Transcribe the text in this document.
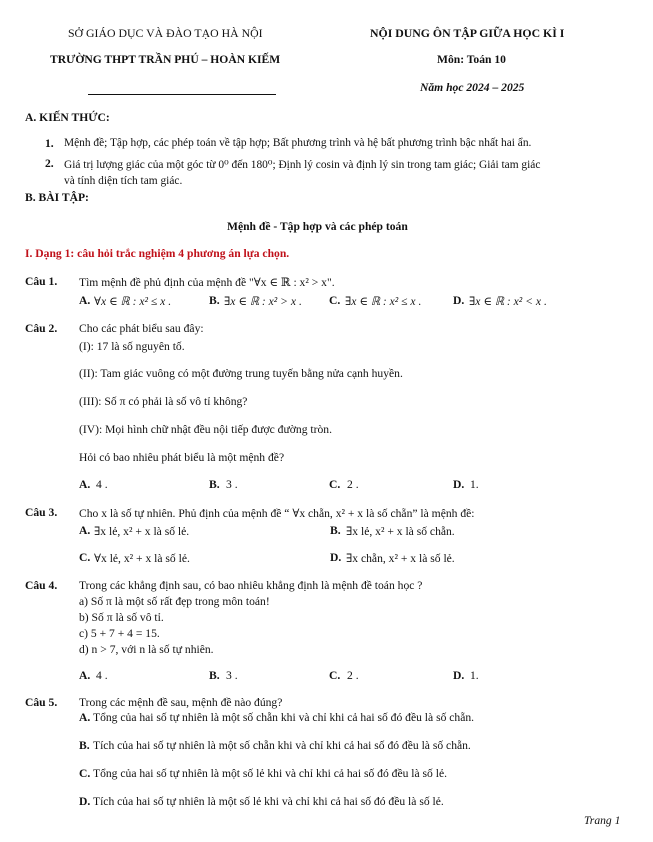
SỞ GIÁO DỤC VÀ ĐÀO TẠO HÀ NỘI
TRƯỜNG THPT TRẦN PHÚ – HOÀN KIẾM
NỘI DUNG ÔN TẬP GIỮA HỌC KÌ I
Môn: Toán 10
Năm học 2024 – 2025
A. KIẾN THỨC:
1. Mệnh đề; Tập hợp, các phép toán về tập hợp; Bất phương trình và hệ bất phương trình bậc nhất hai ẩn.
2. Giá trị lượng giác của một góc từ 0⁰ đến 180⁰; Định lý cosin và định lý sin trong tam giác; Giải tam giác
và tính diện tích tam giác.
B. BÀI TẬP:
Mệnh đề - Tập hợp và các phép toán
I. Dạng 1: câu hỏi trắc nghiệm 4 phương án lựa chọn.
Câu 1. Tìm mệnh đề phủ định của mệnh đề "∀x ∈ ℝ : x² > x".
A. ∀x ∈ ℝ : x² ≤ x .	B. ∃x ∈ ℝ : x² > x . C. ∃x ∈ ℝ : x² ≤ x .	D. ∃x ∈ ℝ : x² < x .
Câu 2. Cho các phát biểu sau đây:
(I): 17 là số nguyên tố.
(II): Tam giác vuông có một đường trung tuyến bằng nửa cạnh huyền.
(III): Số π có phải là số vô tỉ không?
(IV): Mọi hình chữ nhật đều nội tiếp được đường tròn.
Hỏi có bao nhiêu phát biểu là một mệnh đề?
A. 4 .	B. 3 .	C. 2 .	D. 1.
Câu 3. Cho x là số tự nhiên. Phủ định của mệnh đề “ ∀x chẵn, x² + x là số chẵn” là mệnh đề:
A. ∃x lẻ, x² + x là số lẻ.	B. ∃x lẻ, x² + x là số chẵn.
C. ∀x lẻ, x² + x là số lẻ.	D. ∃x chẵn, x² + x là số lẻ.
Câu 4. Trong các khẳng định sau, có bao nhiêu khẳng định là mệnh đề toán học ?
a) Số π là một số rất đẹp trong môn toán!
b) Số π là số vô tỉ.
c) 5 + 7 + 4 = 15.
d) n > 7, với n là số tự nhiên.
A. 4 .	B. 3 .	C. 2 .	D. 1.
Câu 5. Trong các mệnh đề sau, mệnh đề nào đúng?
A. Tổng của hai số tự nhiên là một số chẵn khi và chỉ khi cả hai số đó đều là số chẵn.
B. Tích của hai số tự nhiên là một số chẵn khi và chỉ khi cả hai số đó đều là số chẵn.
C. Tổng của hai số tự nhiên là một số lẻ khi và chỉ khi cả hai số đó đều là số lẻ.
D. Tích của hai số tự nhiên là một số lẻ khi và chỉ khi cả hai số đó đều là số lẻ.
Trang 1
